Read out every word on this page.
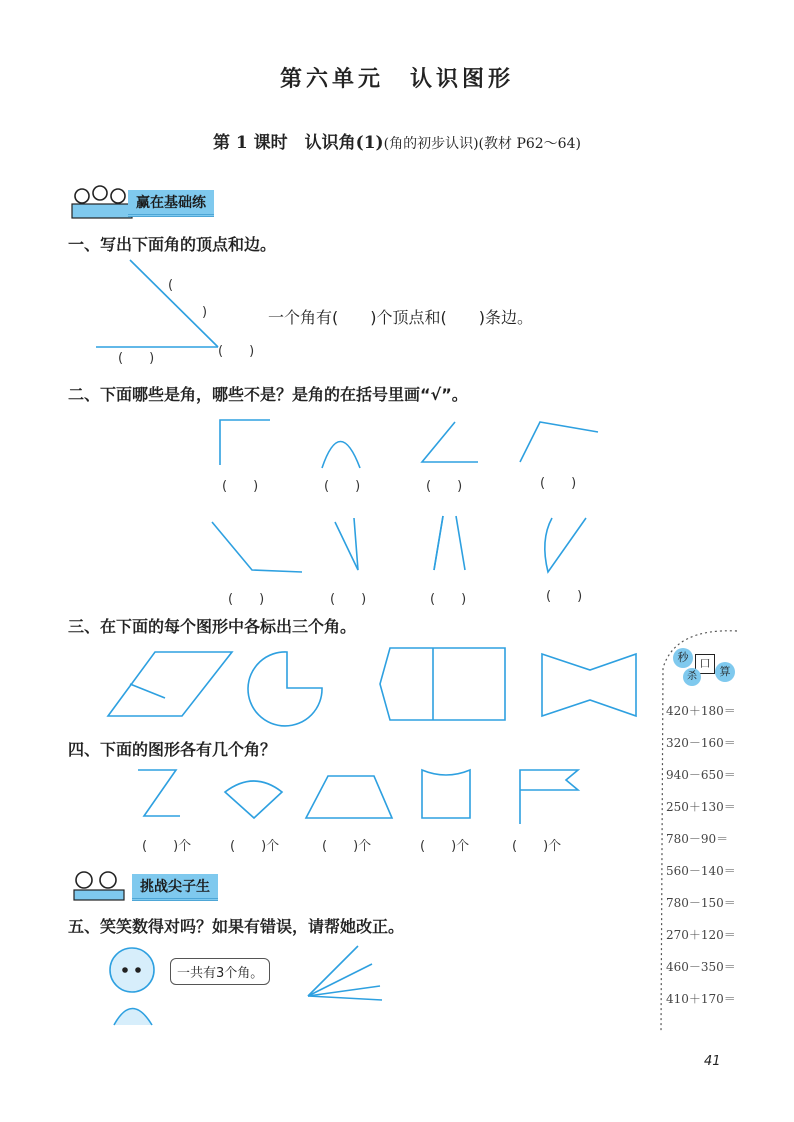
第六单元　认识图形
第 1 课时　认识角(1)(角的初步认识)(教材 P62～64)
赢在基础练
一、写出下面角的顶点和边。
(
)
(　　)	(　　)
一个角有(　　)个顶点和(　　)条边。
二、下面哪些是角，哪些不是？是角的在括号里画“√”。
(　　)	(　　)	(　　)	(　　)
(　　)	(　　)	(　　)	(　　)
三、在下面的每个图形中各标出三个角。
四、下面的图形各有几个角？
(　　)个	(　　)个	(　　)个	(　　)个	(　　)个
挑战尖子生
五、笑笑数得对吗？如果有错误，请帮她改正。
一共有3个角。
秒	口
杀	算
420＋180＝
320－160＝
940－650＝
250＋130＝
780－90＝
560－140＝
780－150＝
270＋120＝
460－350＝
410＋170＝
41
